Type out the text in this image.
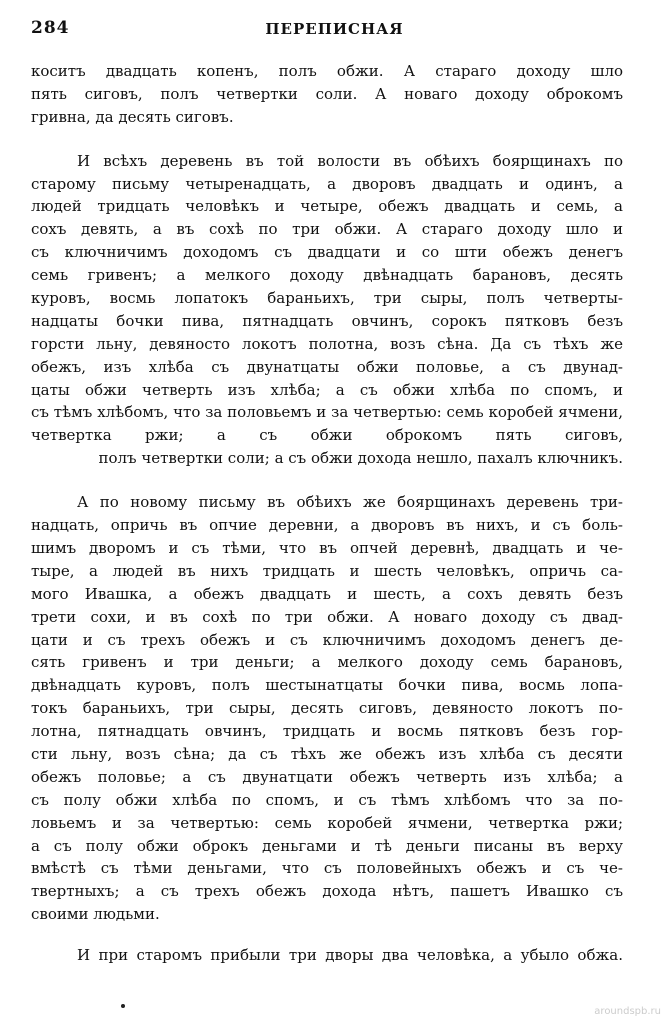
284	ПЕРЕПИСНАЯ
коситъ двадцать копенъ, полъ обжи. А стараго доходу шло
пять сиговъ, полъ четвертки соли. А новаго доходу оброкомъ
гривна, да десять сиговъ.
И всѣхъ деревень въ той волости въ обѣихъ боярщинахъ по
старому письму четыренадцать, а дворовъ двадцать и одинъ, а
людей тридцать человѣкъ и четыре, обежъ двадцать и семь, а
сохъ девять, а въ сохѣ по три обжи. А стараго доходу шло и
съ ключничимъ доходомъ съ двадцати и со шти обежъ денегъ
семь гривенъ; а мелкого доходу двѣнадцать барановъ, десять
куровъ, восмь лопатокъ бараньихъ, три сыры, полъ четверты-
надцаты бочки пива, пятнадцать овчинъ, сорокъ пятковъ безъ
горсти льну, девяносто локотъ полотна, возъ сѣна. Да съ тѣхъ же
обежъ, изъ хлѣба съ двунатцаты обжи половье, а съ двунад-
цаты обжи четверть изъ хлѣба; а съ обжи хлѣба по спомъ, и
съ тѣмъ хлѣбомъ, что за половьемъ и за четвертью: семь коробей ячмени, четвертка ржи; а съ обжи оброкомъ пять сиговъ,
полъ четвертки соли; а съ обжи дохода нешло, пахалъ ключникъ.
А по новому письму въ обѣихъ же боярщинахъ деревень три-
надцать, опричь въ опчие деревни, а дворовъ въ нихъ, и съ боль-
шимъ дворомъ и съ тѣми, что въ опчей деревнѣ, двадцать и че-
тыре, а людей въ нихъ тридцать и шесть человѣкъ, опричь са-
мого Ивашка, а обежъ двадцать и шесть, а сохъ девять безъ
трети сохи, и въ сохѣ по три обжи. А новаго доходу съ двад-
цати и съ трехъ обежъ и съ ключничимъ доходомъ денегъ де-
сять гривенъ и три деньги; а мелкого доходу семь барановъ,
двѣнадцать куровъ, полъ шестынатцаты бочки пива, восмь лопа-
токъ бараньихъ, три сыры, десять сиговъ, девяносто локотъ по-
лотна, пятнадцать овчинъ, тридцать и восмь пятковъ безъ гор-
сти льну, возъ сѣна; да съ тѣхъ же обежъ изъ хлѣба съ десяти
обежъ половье; а съ двунатцати обежъ четверть изъ хлѣба; а
съ полу обжи хлѣба по спомъ, и съ тѣмъ хлѣбомъ что за по-
ловьемъ и за четвертью: семь коробей ячмени, четвертка ржи;
а съ полу обжи оброкъ деньгами и тѣ деньги писаны въ верху
вмѣстѣ съ тѣми деньгами, что съ половейныхъ обежъ и съ че-
твертныхъ; а съ трехъ обежъ дохода нѣтъ, пашетъ Ивашко съ
своими людьми.
И при старомъ прибыли три дворы два человѣка, а убыло обжа.
aroundspb.ru
